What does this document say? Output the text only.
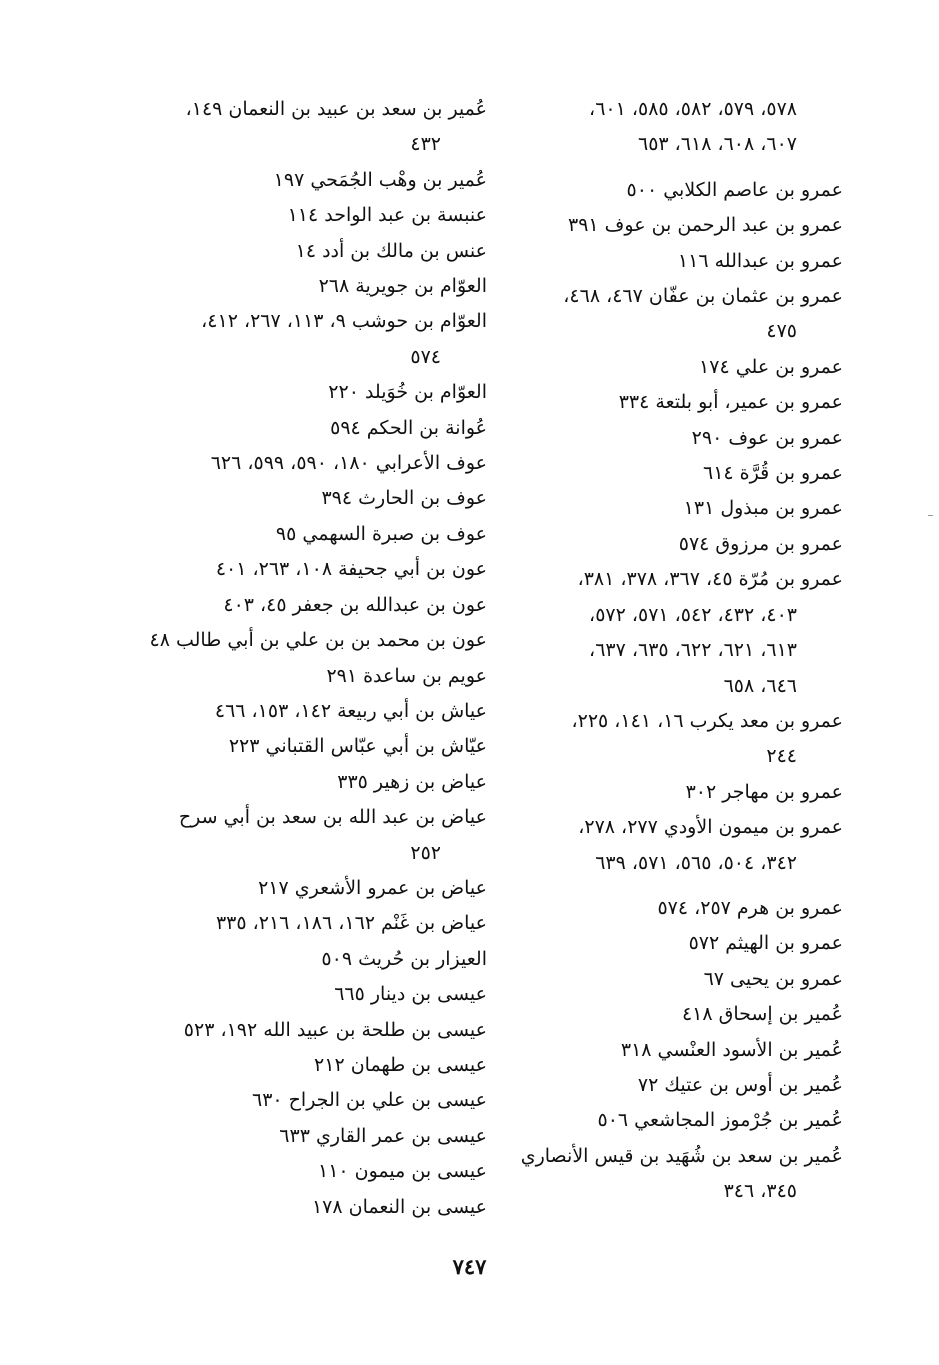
٥٧٨، ٥٧٩، ٥٨٢، ٥٨٥، ٦٠١،
٦٠٧، ٦٠٨، ٦١٨، ٦٥٣
عمرو بن عاصم الكلابي ٥٠٠
عمرو بن عبد الرحمن بن عوف ٣٩١
عمرو بن عبدالله ١١٦
عمرو بن عثمان بن عفّان ٤٦٧، ٤٦٨،
٤٧٥
عمرو بن علي ١٧٤
عمرو بن عمير، أبو بلتعة ٣٣٤
عمرو بن عوف ٢٩٠
عمرو بن قُرَّة ٦١٤
عمرو بن مبذول ١٣١
عمرو بن مرزوق ٥٧٤
عمرو بن مُرّة ٤٥، ٣٦٧، ٣٧٨، ٣٨١،
٤٠٣، ٤٣٢، ٥٤٢، ٥٧١، ٥٧٢،
٦١٣، ٦٢١، ٦٢٢، ٦٣٥، ٦٣٧،
٦٤٦، ٦٥٨
عمرو بن معد يكرب ١٦، ١٤١، ٢٢٥،
٢٤٤
عمرو بن مهاجر ٣٠٢
عمرو بن ميمون الأودي ٢٧٧، ٢٧٨،
٣٤٢، ٥٠٤، ٥٦٥، ٥٧١، ٦٣٩
عمرو بن هرم ٢٥٧، ٥٧٤
عمرو بن الهيثم ٥٧٢
عمرو بن يحيى ٦٧
عُمير بن إسحاق ٤١٨
عُمير بن الأسود العنْسي ٣١٨
عُمير بن أوس بن عتيك ٧٢
عُمير بن جُرْموز المجاشعي ٥٠٦
عُمير بن سعد بن شُهَيد بن قيس الأنصاري
٣٤٥، ٣٤٦
عُمير بن سعد بن عبيد بن النعمان ١٤٩،
٤٣٢
عُمير بن وهْب الجُمَحي ١٩٧
عنبسة بن عبد الواحد ١١٤
عنس بن مالك بن أدد ١٤
العوّام بن جويرية ٢٦٨
العوّام بن حوشب ٩، ١١٣، ٢٦٧، ٤١٢،
٥٧٤
العوّام بن خُوَيلد ٢٢٠
عُوانة بن الحكم ٥٩٤
عوف الأعرابي ١٨٠، ٥٩٠، ٥٩٩، ٦٢٦
عوف بن الحارث ٣٩٤
عوف بن صبرة السهمي ٩٥
عون بن أبي جحيفة ١٠٨، ٢٦٣، ٤٠١
عون بن عبدالله بن جعفر ٤٥، ٤٠٣
عون بن محمد بن بن علي بن أبي طالب ٤٨
عويم بن ساعدة ٢٩١
عياش بن أبي ربيعة ١٤٢، ١٥٣، ٤٦٦
عيّاش بن أبي عبّاس القتباني ٢٢٣
عياض بن زهير ٣٣٥
عياض بن عبد الله بن سعد بن أبي سرح
٢٥٢
عياض بن عمرو الأشعري ٢١٧
عياض بن غَنْم ١٦٢، ١٨٦، ٢١٦، ٣٣٥
العيزار بن حُريث ٥٠٩
عيسى بن دينار ٦٦٥
عيسى بن طلحة بن عبيد الله ١٩٢، ٥٢٣
عيسى بن طهمان ٢١٢
عيسى بن علي بن الجراح ٦٣٠
عيسى بن عمر القاري ٦٣٣
عيسى بن ميمون ١١٠
عيسى بن النعمان ١٧٨
٧٤٧
